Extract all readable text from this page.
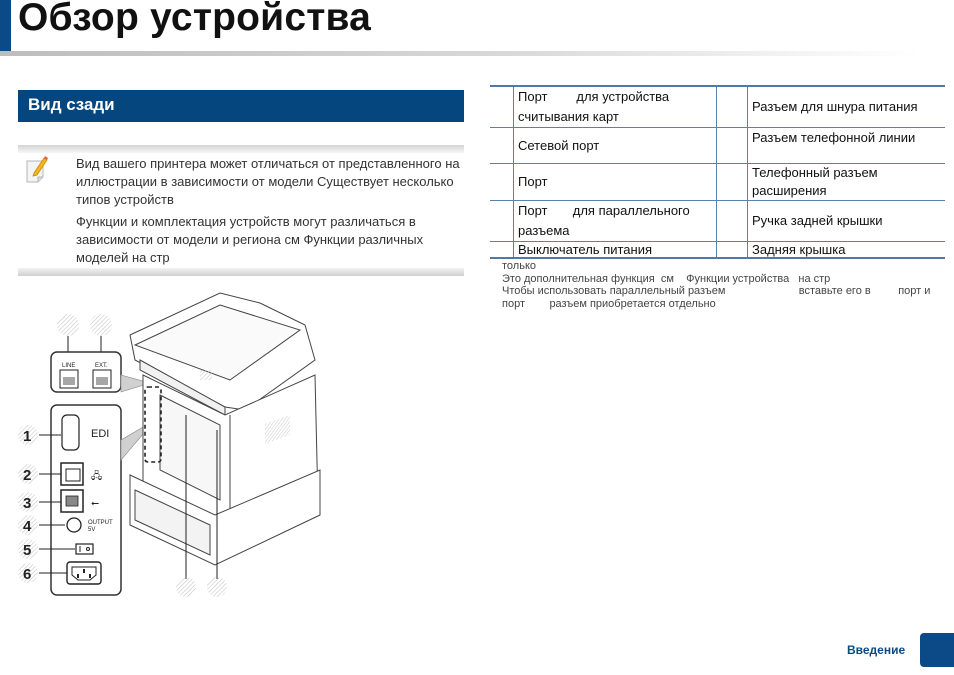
Обзор устройства
Вид сзади

Вид вашего принтера может отличаться от представленного на иллюстрации в зависимости от модели Существует несколько типов устройств

Функции и комплектация устройств могут различаться в зависимости от модели и региона см Функции различных моделей на стр

LINE	EXT.
1
2
3
4
5
6
EDI
🖧
⭠
OUTPUT
5V
	Порт        для устройства считывания карт		Разъем для шнура питания
	Сетевой порт		Разъем телефонной линии
	Порт		Телефонный разъем расширения
	Порт       для параллельного разъема		Ручка задней крышки
	Выключатель питания		Задняя крышка
только
Это дополнительная функция  см    Функции устройства   на стр
Чтобы использовать параллельный разъем                        вставьте его в         порт и
порт        разъем приобретается отдельно
Введение
